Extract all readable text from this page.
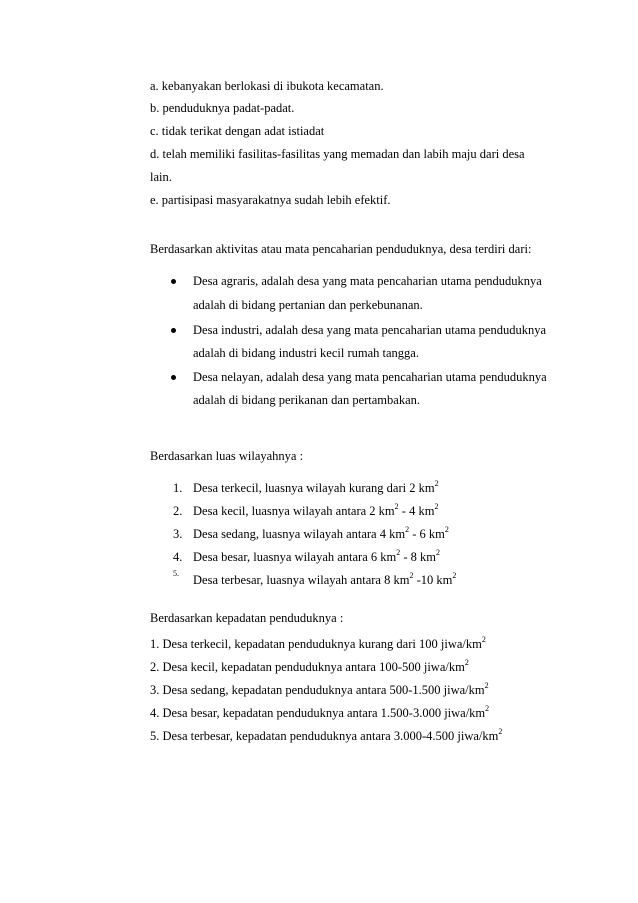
a. kebanyakan berlokasi di ibukota kecamatan.
b. penduduknya padat-padat.
c. tidak terikat dengan adat istiadat
d. telah memiliki fasilitas-fasilitas yang memadan dan labih maju dari desa
lain.
e. partisipasi masyarakatnya sudah lebih efektif.
Berdasarkan aktivitas atau mata pencaharian penduduknya, desa terdiri dari:
Desa agraris, adalah desa yang mata pencaharian utama penduduknya
adalah di bidang pertanian dan perkebunanan.
Desa industri, adalah desa yang mata pencaharian utama penduduknya
adalah di bidang industri kecil rumah tangga.
Desa nelayan, adalah desa yang mata pencaharian utama penduduknya
adalah di bidang perikanan dan pertambakan.
Berdasarkan luas wilayahnya :
1. Desa terkecil, luasnya wilayah kurang dari 2 $km^2$
2. Desa kecil, luasnya wilayah antara 2 $km^2 - 4$ $km^2$
3. Desa sedang, luasnya wilayah antara 4 $km^2 - 6$ $km^2$
4. Desa besar, luasnya wilayah antara 6 $km^2 - 8$ $km^2$
5. Desa terbesar, luasnya wilayah antara 8 $km^2$ -10 $km^2$
Berdasarkan kepadatan penduduknya :
1. Desa terkecil, kepadatan penduduknya kurang dari 100 jiwa/$km^2$
2. Desa kecil, kepadatan penduduknya antara 100-500 jiwa/$km^2$
3. Desa sedang, kepadatan penduduknya antara 500-1.500 jiwa/$km^2$
4. Desa besar, kepadatan penduduknya antara 1.500-3.000 jiwa/$km^2$
5. Desa terbesar, kepadatan penduduknya antara 3.000-4.500 jiwa/$km^2$
